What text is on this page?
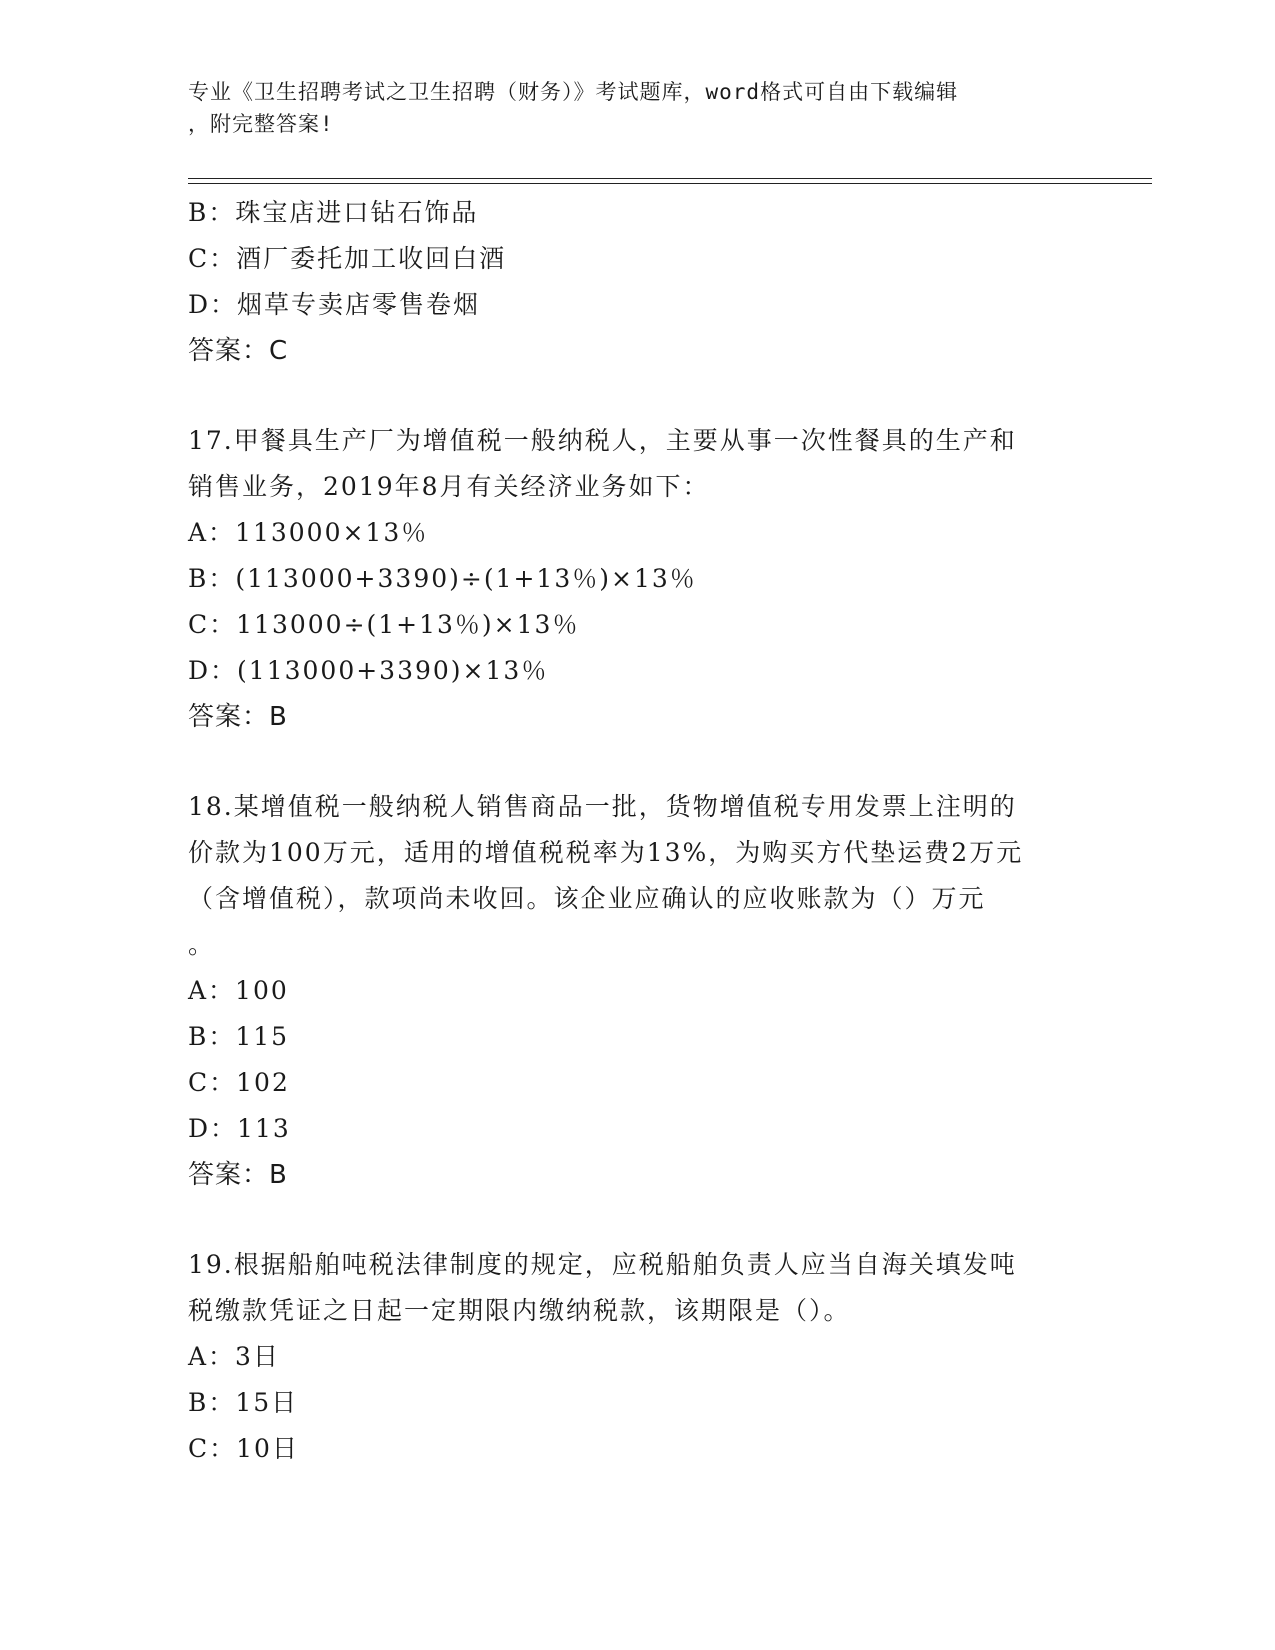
专业《卫生招聘考试之卫生招聘（财务）》考试题库，word格式可自由下载编辑
，附完整答案!
B：珠宝店进口钻石饰品
C：酒厂委托加工收回白酒
D：烟草专卖店零售卷烟
答案：C
17.甲餐具生产厂为增值税一般纳税人，主要从事一次性餐具的生产和
销售业务，2019年8月有关经济业务如下：
A：113000×13％
B：(113000+3390)÷(1+13％)×13％
C：113000÷(1+13％)×13％
D：(113000+3390)×13％
答案：B
18.某增值税一般纳税人销售商品一批，货物增值税专用发票上注明的
价款为100万元，适用的增值税税率为13%，为购买方代垫运费2万元
（含增值税），款项尚未收回。该企业应确认的应收账款为（）万元
。
A：100
B：115
C：102
D：113
答案：B
19.根据船舶吨税法律制度的规定，应税船舶负责人应当自海关填发吨
税缴款凭证之日起一定期限内缴纳税款，该期限是（）。
A：3日
B：15日
C：10日
